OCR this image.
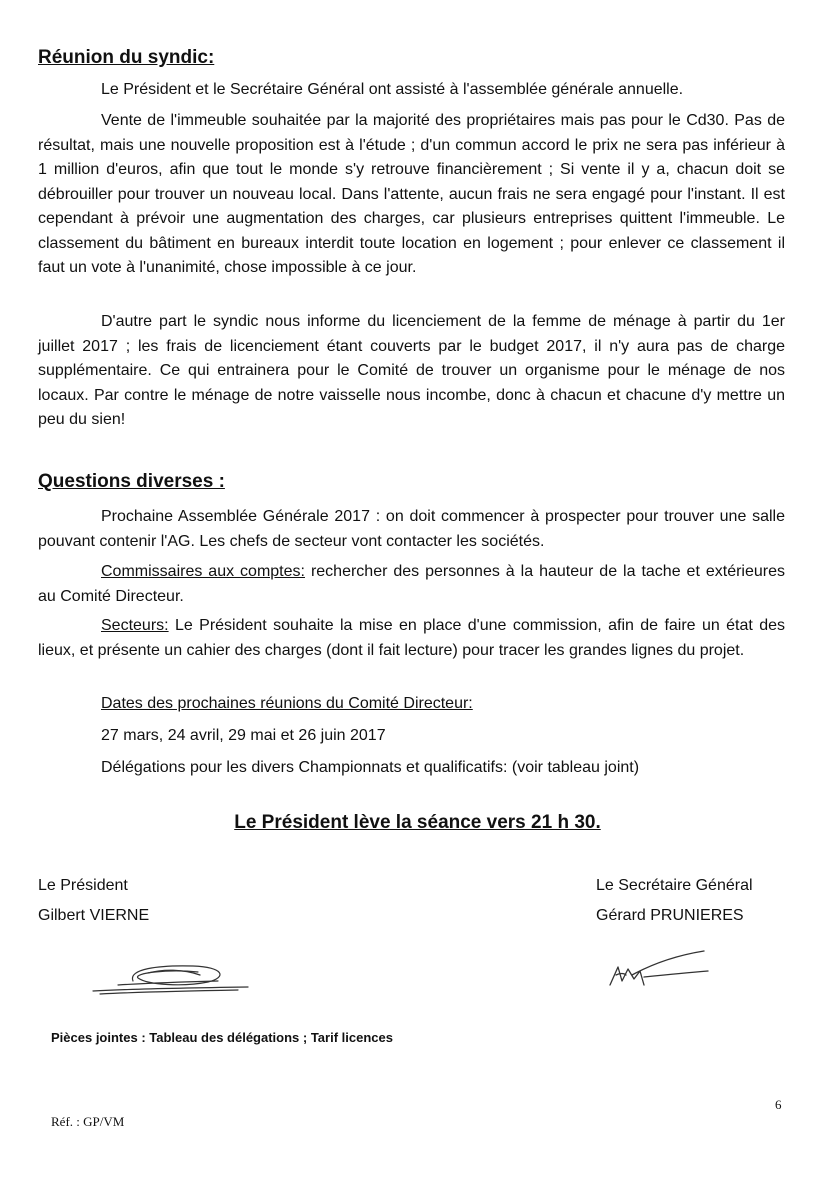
Réunion du syndic:

Le Président et le Secrétaire Général ont assisté à l'assemblée générale annuelle.

Vente de l'immeuble souhaitée par la majorité des propriétaires mais pas pour le Cd30. Pas de résultat, mais une nouvelle proposition est à l'étude ; d'un commun accord le prix ne sera pas inférieur à 1 million d'euros, afin que tout le monde s'y retrouve financièrement ; Si vente il y a, chacun doit se débrouiller pour trouver un nouveau local. Dans l'attente, aucun frais ne sera engagé pour l'instant. Il est cependant à prévoir une augmentation des charges, car plusieurs entreprises quittent l'immeuble. Le classement du bâtiment en bureaux interdit toute location en logement ; pour enlever ce classement il faut un vote à l'unanimité, chose impossible à ce jour.

D'autre part le syndic nous informe du licenciement de la femme de ménage à partir du 1er juillet 2017 ; les frais de licenciement étant couverts par le budget 2017, il n'y aura pas de charge supplémentaire. Ce qui entrainera pour le Comité de trouver un organisme pour le ménage de nos locaux. Par contre le ménage de notre vaisselle nous incombe, donc à chacun et chacune d'y mettre un peu du sien!

Questions diverses :

Prochaine Assemblée Générale 2017 : on doit commencer à prospecter pour trouver une salle pouvant contenir l'AG. Les chefs de secteur vont contacter les sociétés.

Commissaires aux comptes: rechercher des personnes à la hauteur de la tache et extérieures au Comité Directeur.

Secteurs: Le Président souhaite la mise en place d'une commission, afin de faire un état des lieux, et présente un cahier des charges (dont il fait lecture) pour tracer les grandes lignes du projet.

Dates des prochaines réunions du Comité Directeur:
27 mars, 24 avril, 29 mai et 26 juin 2017
Délégations pour les divers Championnats et qualificatifs: (voir tableau joint)
Le Président lève la séance vers 21 h 30.
Le Président
Gilbert VIERNE
Le Secrétaire Général
Gérard PRUNIERES
Pièces jointes : Tableau des délégations ; Tarif licences
6
Réf. : GP/VM
